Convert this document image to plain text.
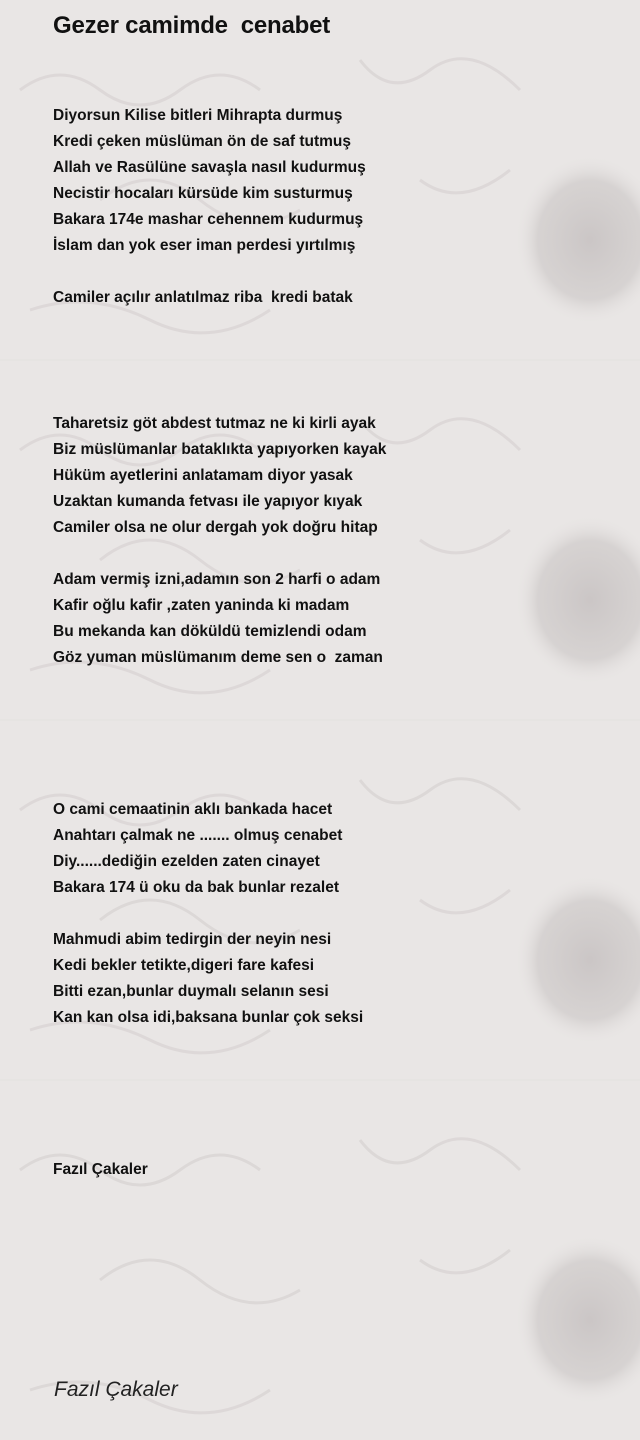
Gezer camimde  cenabet
Diyorsun Kilise bitleri Mihrapta durmuş
Kredi çeken müslüman ön de saf tutmuş
Allah ve Rasülüne savaşla nasıl kudurmuş
Necistir hocaları kürsüde kim susturmuş
Bakara 174e mashar cehennem kudurmuş
İslam dan yok eser iman perdesi yırtılmış
Camiler açılır anlatılmaz riba  kredi batak
Taharetsiz göt abdest tutmaz ne ki kirli ayak
Biz müslümanlar bataklıkta yapıyorken kayak
Hüküm ayetlerini anlatamam diyor yasak
Uzaktan kumanda fetvası ile yapıyor kıyak
Camiler olsa ne olur dergah yok doğru hitap
Adam vermiş izni,adamın son 2 harfi o adam
Kafir oğlu kafir ,zaten yaninda ki madam
Bu mekanda kan döküldü temizlendi odam
Göz yuman müslümanım deme sen o  zaman
O cami cemaatinin aklı bankada hacet
Anahtarı çalmak ne ....... olmuş cenabet
Diy......dediğin ezelden zaten cinayet
Bakara 174 ü oku da bak bunlar rezalet
Mahmudi abim tedirgin der neyin nesi
Kedi bekler tetikte,digeri fare kafesi
Bitti ezan,bunlar duymalı selanın sesi
Kan kan olsa idi,baksana bunlar çok seksi
Fazıl Çakaler
Fazıl Çakaler
